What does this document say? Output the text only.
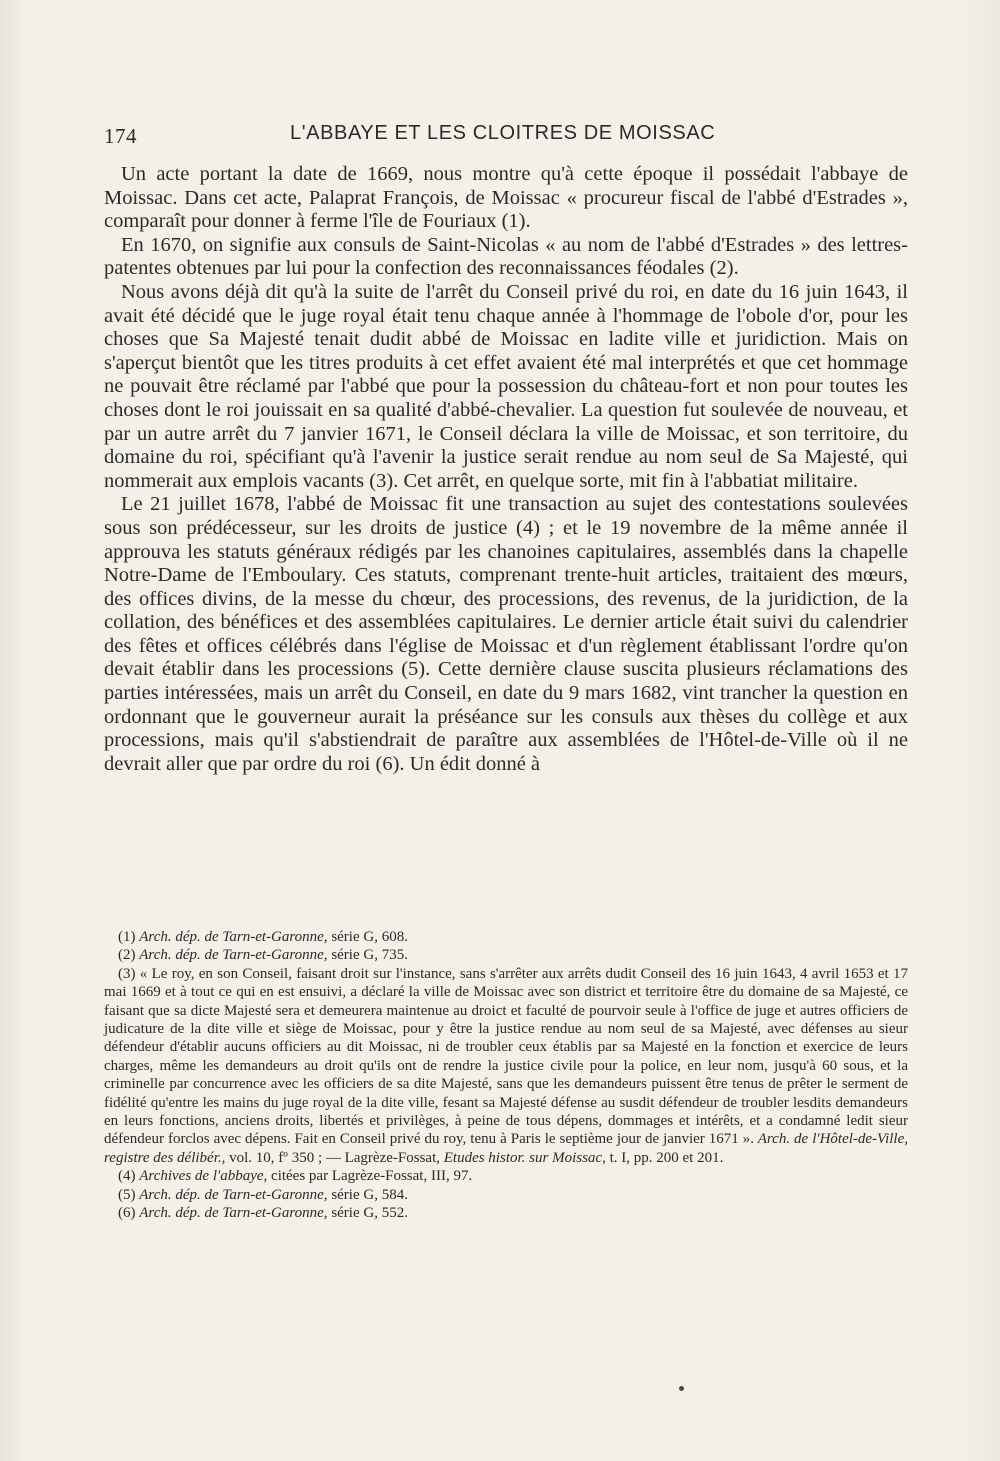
174	L'ABBAYE ET LES CLOITRES DE MOISSAC

Un acte portant la date de 1669, nous montre qu'à cette époque il possédait l'abbaye de Moissac. Dans cet acte, Palaprat François, de Moissac « procureur fiscal de l'abbé d'Estrades », comparaît pour donner à ferme l'île de Fouriaux (1).

En 1670, on signifie aux consuls de Saint-Nicolas « au nom de l'abbé d'Estrades » des lettres-patentes obtenues par lui pour la confection des reconnaissances féodales (2).

Nous avons déjà dit qu'à la suite de l'arrêt du Conseil privé du roi, en date du 16 juin 1643, il avait été décidé que le juge royal était tenu chaque année à l'hommage de l'obole d'or, pour les choses que Sa Majesté tenait dudit abbé de Moissac en ladite ville et juridiction. Mais on s'aperçut bientôt que les titres produits à cet effet avaient été mal interprétés et que cet hommage ne pouvait être réclamé par l'abbé que pour la possession du château-fort et non pour toutes les choses dont le roi jouissait en sa qualité d'abbé-chevalier. La question fut soulevée de nouveau, et par un autre arrêt du 7 janvier 1671, le Conseil déclara la ville de Moissac, et son territoire, du domaine du roi, spécifiant qu'à l'avenir la justice serait rendue au nom seul de Sa Majesté, qui nommerait aux emplois vacants (3). Cet arrêt, en quelque sorte, mit fin à l'abbatiat militaire.

Le 21 juillet 1678, l'abbé de Moissac fit une transaction au sujet des contestations soulevées sous son prédécesseur, sur les droits de justice (4) ; et le 19 novembre de la même année il approuva les statuts généraux rédigés par les chanoines capitulaires, assemblés dans la chapelle Notre-Dame de l'Emboulary. Ces statuts, comprenant trente-huit articles, traitaient des mœurs, des offices divins, de la messe du chœur, des processions, des revenus, de la juridiction, de la collation, des bénéfices et des assemblées capitulaires. Le dernier article était suivi du calendrier des fêtes et offices célébrés dans l'église de Moissac et d'un règlement établissant l'ordre qu'on devait établir dans les processions (5). Cette dernière clause suscita plusieurs réclamations des parties intéressées, mais un arrêt du Conseil, en date du 9 mars 1682, vint trancher la question en ordonnant que le gouverneur aurait la préséance sur les consuls aux thèses du collège et aux processions, mais qu'il s'abstiendrait de paraître aux assemblées de l'Hôtel-de-Ville où il ne devrait aller que par ordre du roi (6). Un édit donné à

(1) Arch. dép. de Tarn-et-Garonne, série G, 608.

(2) Arch. dép. de Tarn-et-Garonne, série G, 735.

(3) « Le roy, en son Conseil, faisant droit sur l'instance, sans s'arrêter aux arrêts dudit Conseil des 16 juin 1643, 4 avril 1653 et 17 mai 1669 et à tout ce qui en est ensuivi, a déclaré la ville de Moissac avec son district et territoire être du domaine de sa Majesté, ce faisant que sa dicte Majesté sera et demeurera maintenue au droict et faculté de pourvoir seule à l'office de juge et autres officiers de judicature de la dite ville et siège de Moissac, pour y être la justice rendue au nom seul de sa Majesté, avec défenses au sieur défendeur d'établir aucuns officiers au dit Moissac, ni de troubler ceux établis par sa Majesté en la fonction et exercice de leurs charges, même les demandeurs au droit qu'ils ont de rendre la justice civile pour la police, en leur nom, jusqu'à 60 sous, et la criminelle par concurrence avec les officiers de sa dite Majesté, sans que les demandeurs puissent être tenus de prêter le serment de fidélité qu'entre les mains du juge royal de la dite ville, fesant sa Majesté défense au susdit défendeur de troubler lesdits demandeurs en leurs fonctions, anciens droits, libertés et privilèges, à peine de tous dépens, dommages et intérêts, et a condamné ledit sieur défendeur forclos avec dépens. Fait en Conseil privé du roy, tenu à Paris le septième jour de janvier 1671 ». Arch. de l'Hôtel-de-Ville, registre des délibér., vol. 10, fº 350 ; — Lagrèze-Fossat, Etudes histor. sur Moissac, t. I, pp. 200 et 201.

(4) Archives de l'abbaye, citées par Lagrèze-Fossat, III, 97.

(5) Arch. dép. de Tarn-et-Garonne, série G, 584.

(6) Arch. dép. de Tarn-et-Garonne, série G, 552.
